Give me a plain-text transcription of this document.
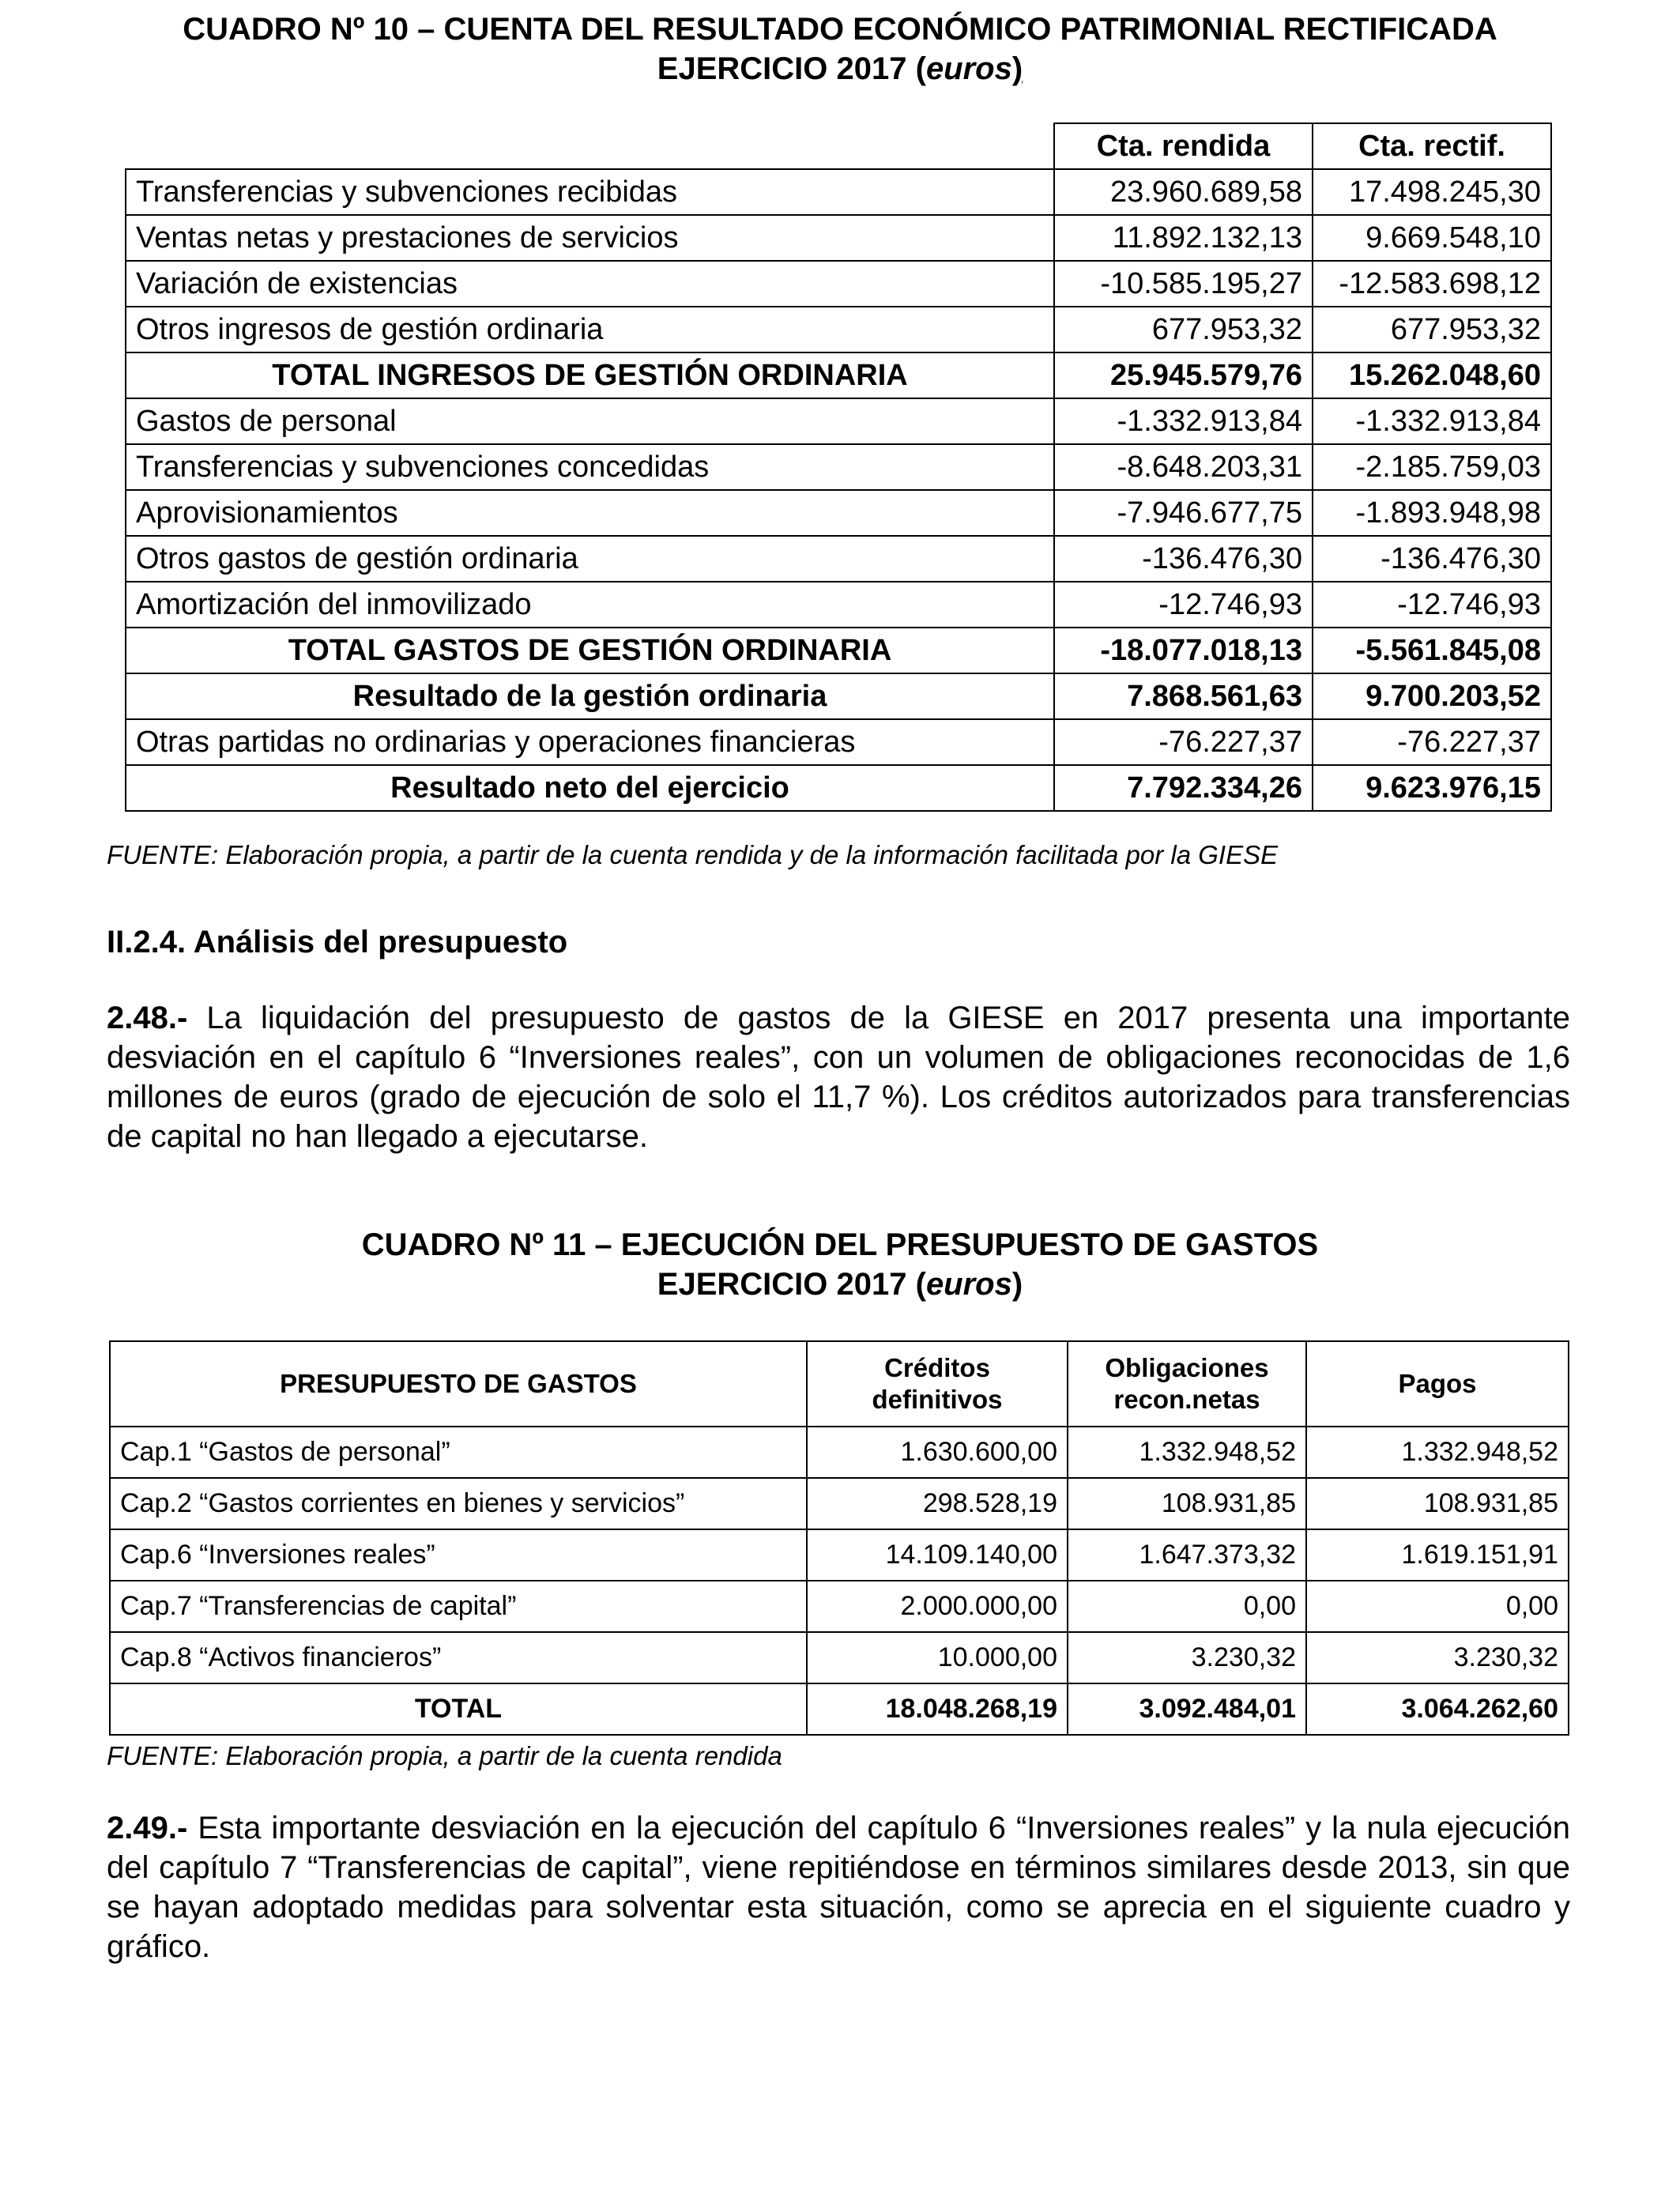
CUADRO Nº 10 – CUENTA DEL RESULTADO ECONÓMICO PATRIMONIAL RECTIFICADA
EJERCICIO 2017 (euros)
	Cta. rendida	Cta. rectif.
Transferencias y subvenciones recibidas	23.960.689,58	17.498.245,30
Ventas netas y prestaciones de servicios	11.892.132,13	9.669.548,10
Variación de existencias	-10.585.195,27	-12.583.698,12
Otros ingresos de gestión ordinaria	677.953,32	677.953,32
TOTAL INGRESOS DE GESTIÓN ORDINARIA	25.945.579,76	15.262.048,60
Gastos de personal	-1.332.913,84	-1.332.913,84
Transferencias y subvenciones concedidas	-8.648.203,31	-2.185.759,03
Aprovisionamientos	-7.946.677,75	-1.893.948,98
Otros gastos de gestión ordinaria	-136.476,30	-136.476,30
Amortización del inmovilizado	-12.746,93	-12.746,93
TOTAL GASTOS DE GESTIÓN ORDINARIA	-18.077.018,13	-5.561.845,08
Resultado de la gestión ordinaria	7.868.561,63	9.700.203,52
Otras partidas no ordinarias y operaciones financieras	-76.227,37	-76.227,37
Resultado neto del ejercicio	7.792.334,26	9.623.976,15
FUENTE: Elaboración propia, a partir de la cuenta rendida y de la información facilitada por la GIESE
II.2.4. Análisis del presupuesto

2.48.- La liquidación del presupuesto de gastos de la GIESE en 2017 presenta una importante desviación en el capítulo 6 “Inversiones reales”, con un volumen de obligaciones reconocidas de 1,6 millones de euros (grado de ejecución de solo el 11,7 %). Los créditos autorizados para transferencias de capital no han llegado a ejecutarse.

CUADRO Nº 11 – EJECUCIÓN DEL PRESUPUESTO DE GASTOS
EJERCICIO 2017 (euros)
PRESUPUESTO DE GASTOS	Créditos definitivos	Obligaciones recon.netas	Pagos
Cap.1 “Gastos de personal”	1.630.600,00	1.332.948,52	1.332.948,52
Cap.2 “Gastos corrientes en bienes y servicios”	298.528,19	108.931,85	108.931,85
Cap.6 “Inversiones reales”	14.109.140,00	1.647.373,32	1.619.151,91
Cap.7 “Transferencias de capital”	2.000.000,00	0,00	0,00
Cap.8 “Activos financieros”	10.000,00	3.230,32	3.230,32
TOTAL	18.048.268,19	3.092.484,01	3.064.262,60
FUENTE: Elaboración propia, a partir de la cuenta rendida

2.49.- Esta importante desviación en la ejecución del capítulo 6 “Inversiones reales” y la nula ejecución del capítulo 7 “Transferencias de capital”, viene repitiéndose en términos similares desde 2013, sin que se hayan adoptado medidas para solventar esta situación, como se aprecia en el siguiente cuadro y gráfico.
